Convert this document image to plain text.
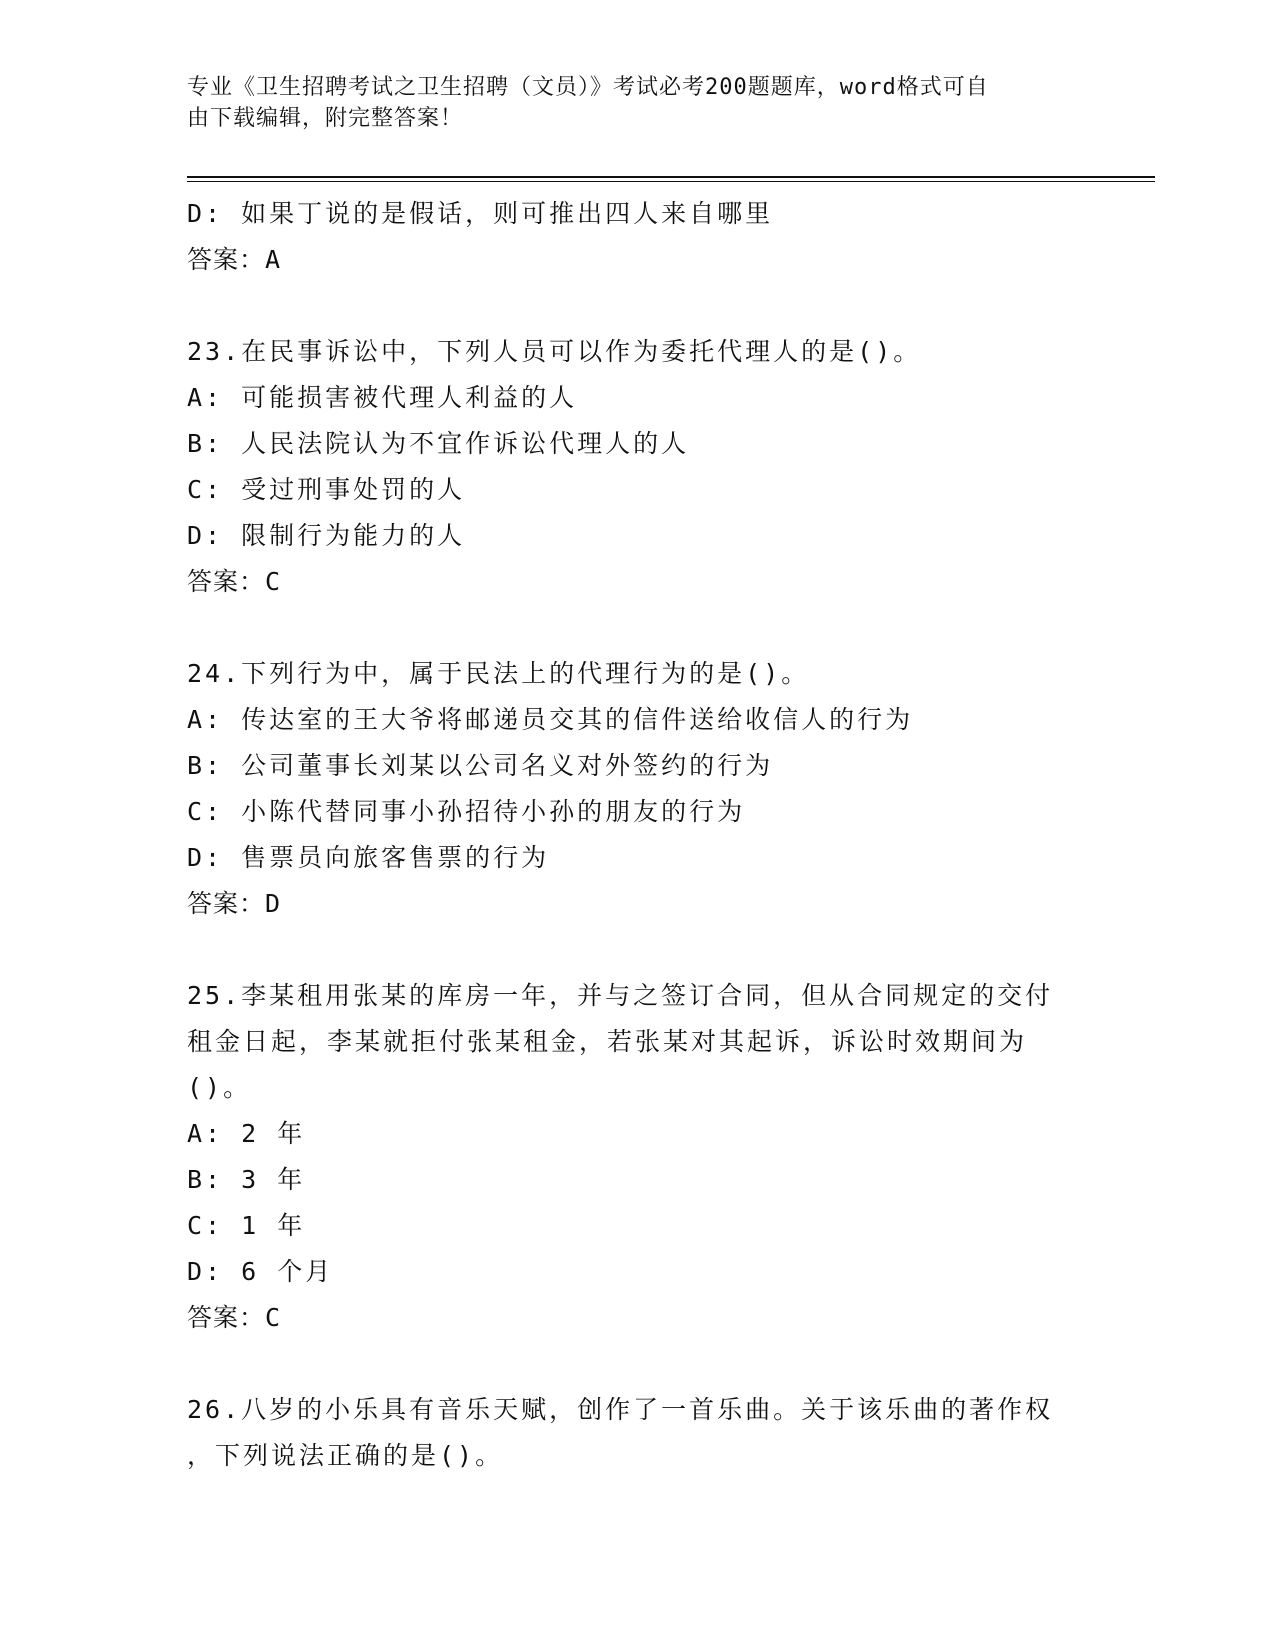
专业《卫生招聘考试之卫生招聘（文员）》考试必考200题题库，word格式可自
由下载编辑，附完整答案！
D: 如果丁说的是假话，则可推出四人来自哪里
答案：A
23.在民事诉讼中，下列人员可以作为委托代理人的是()。
A: 可能损害被代理人利益的人
B: 人民法院认为不宜作诉讼代理人的人
C: 受过刑事处罚的人
D: 限制行为能力的人
答案：C
24.下列行为中，属于民法上的代理行为的是()。
A: 传达室的王大爷将邮递员交其的信件送给收信人的行为
B: 公司董事长刘某以公司名义对外签约的行为
C: 小陈代替同事小孙招待小孙的朋友的行为
D: 售票员向旅客售票的行为
答案：D
25.李某租用张某的库房一年，并与之签订合同，但从合同规定的交付
租金日起，李某就拒付张某租金，若张某对其起诉，诉讼时效期间为
()。
A: 2 年
B: 3 年
C: 1 年
D: 6 个月
答案：C
26.八岁的小乐具有音乐天赋，创作了一首乐曲。关于该乐曲的著作权
，下列说法正确的是()。
